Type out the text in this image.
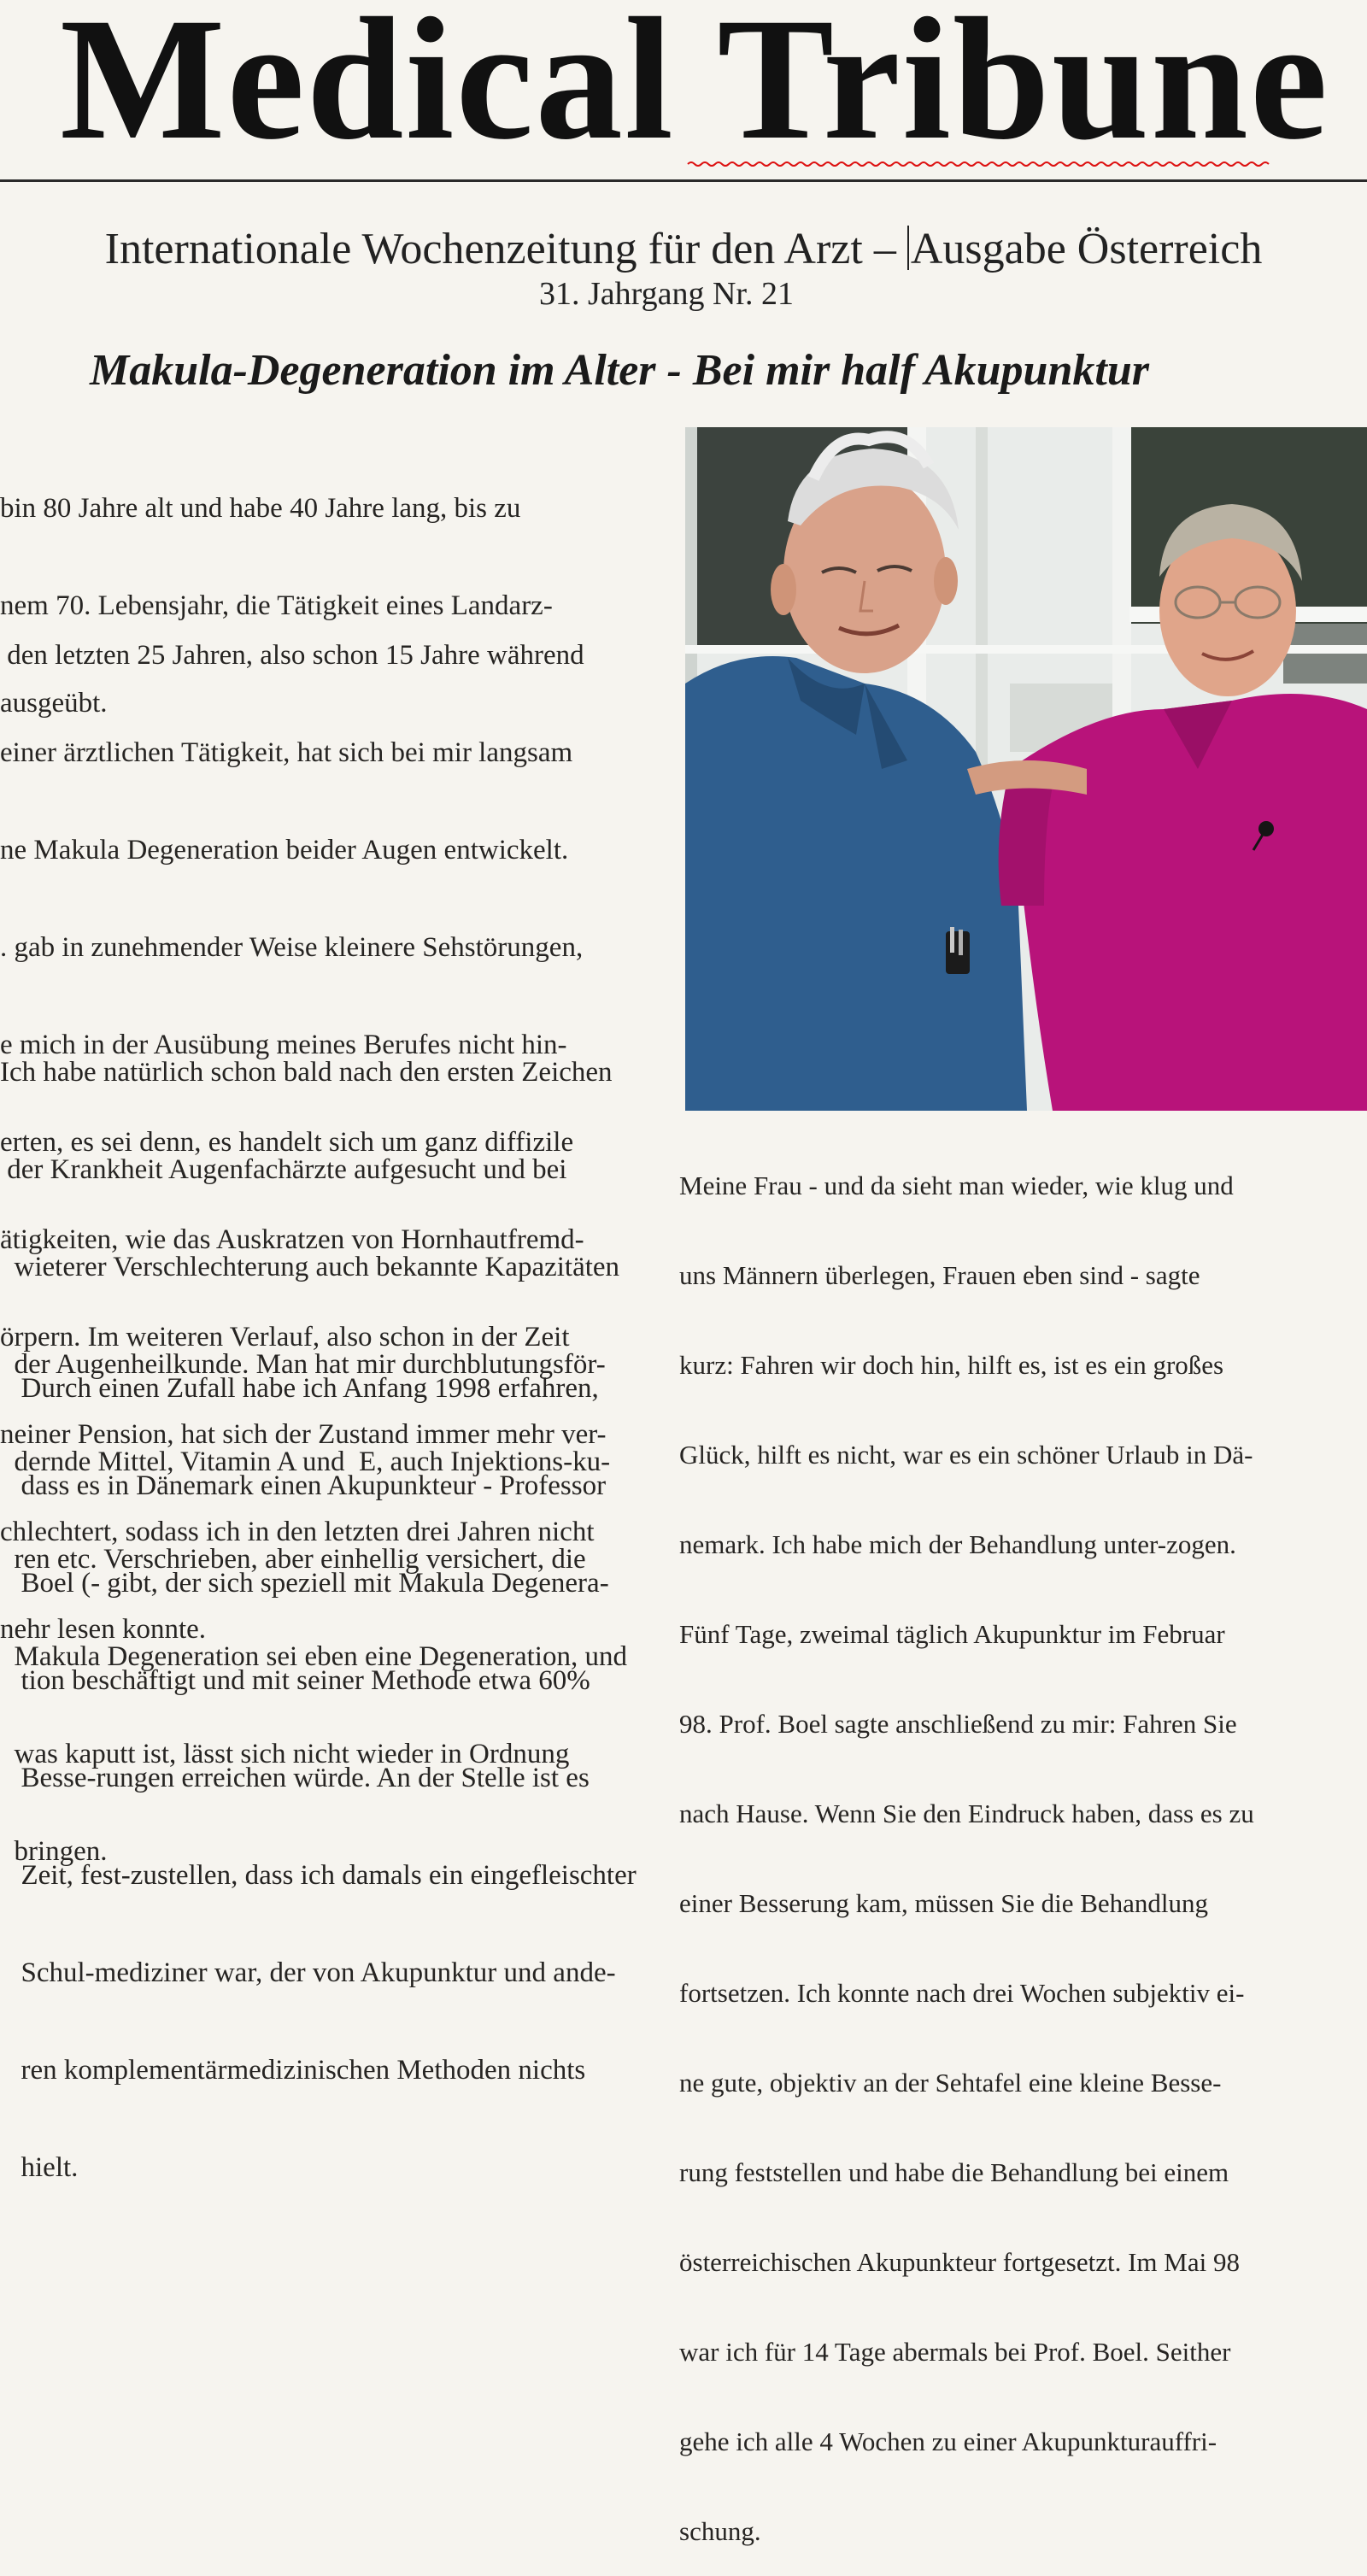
Medical Tribune
Internationale Wochenzeitung für den Arzt – Ausgabe Österreich
31. Jahrgang Nr. 21
Makula-Degeneration im Alter - Bei mir half Akupunktur

bin 80 Jahre alt und habe 40 Jahre lang, bis zu

nem 70. Lebensjahr, die Tätigkeit eines Landarz-

ausgeübt.

den letzten 25 Jahren, also schon 15 Jahre während

einer ärztlichen Tätigkeit, hat sich bei mir langsam

ne Makula Degeneration beider Augen entwickelt.

. gab in zunehmender Weise kleinere Sehstörungen,

e mich in der Ausübung meines Berufes nicht hin-

erten, es sei denn, es handelt sich um ganz diffizile

ätigkeiten, wie das Auskratzen von Hornhautfremd-

örpern. Im weiteren Verlauf, also schon in der Zeit

neiner Pension, hat sich der Zustand immer mehr ver-

chlechtert, sodass ich in den letzten drei Jahren nicht

nehr lesen konnte.

Ich habe natürlich schon bald nach den ersten Zeichen

der Krankheit Augenfachärzte aufgesucht und bei

wieterer Verschlechterung auch bekannte Kapazitäten

der Augenheilkunde. Man hat mir durchblutungsför-

dernde Mittel, Vitamin A und  E, auch Injektions-ku-

ren etc. Verschrieben, aber einhellig versichert, die

Makula Degeneration sei eben eine Degeneration, und

was kaputt ist, lässt sich nicht wieder in Ordnung

bringen.

Durch einen Zufall habe ich Anfang 1998 erfahren,

dass es in Dänemark einen Akupunkteur - Professor

Boel (- gibt, der sich speziell mit Makula Degenera-

tion beschäftigt und mit seiner Methode etwa 60%

Besse-rungen erreichen würde. An der Stelle ist es

Zeit, fest-zustellen, dass ich damals ein eingefleischter

Schul-mediziner war, der von Akupunktur und ande-

ren komplementärmedizinischen Methoden nichts

hielt.

Meine Frau - und da sieht man wieder, wie klug und

uns Männern überlegen, Frauen eben sind - sagte

kurz: Fahren wir doch hin, hilft es, ist es ein großes

Glück, hilft es nicht, war es ein schöner Urlaub in Dä-

nemark. Ich habe mich der Behandlung unter-zogen.

Fünf Tage, zweimal täglich Akupunktur im Februar

98. Prof. Boel sagte anschließend zu mir: Fahren Sie

nach Hause. Wenn Sie den Eindruck haben, dass es zu

einer Besserung kam, müssen Sie die Behandlung

fortsetzen. Ich konnte nach drei Wochen subjektiv ei-

ne gute, objektiv an der Sehtafel eine kleine Besse-

rung feststellen und habe die Behandlung bei einem

österreichischen Akupunkteur fortgesetzt. Im Mai 98

war ich für 14 Tage abermals bei Prof. Boel. Seither

gehe ich alle 4 Wochen zu einer Akupunkturauffri-

schung.
